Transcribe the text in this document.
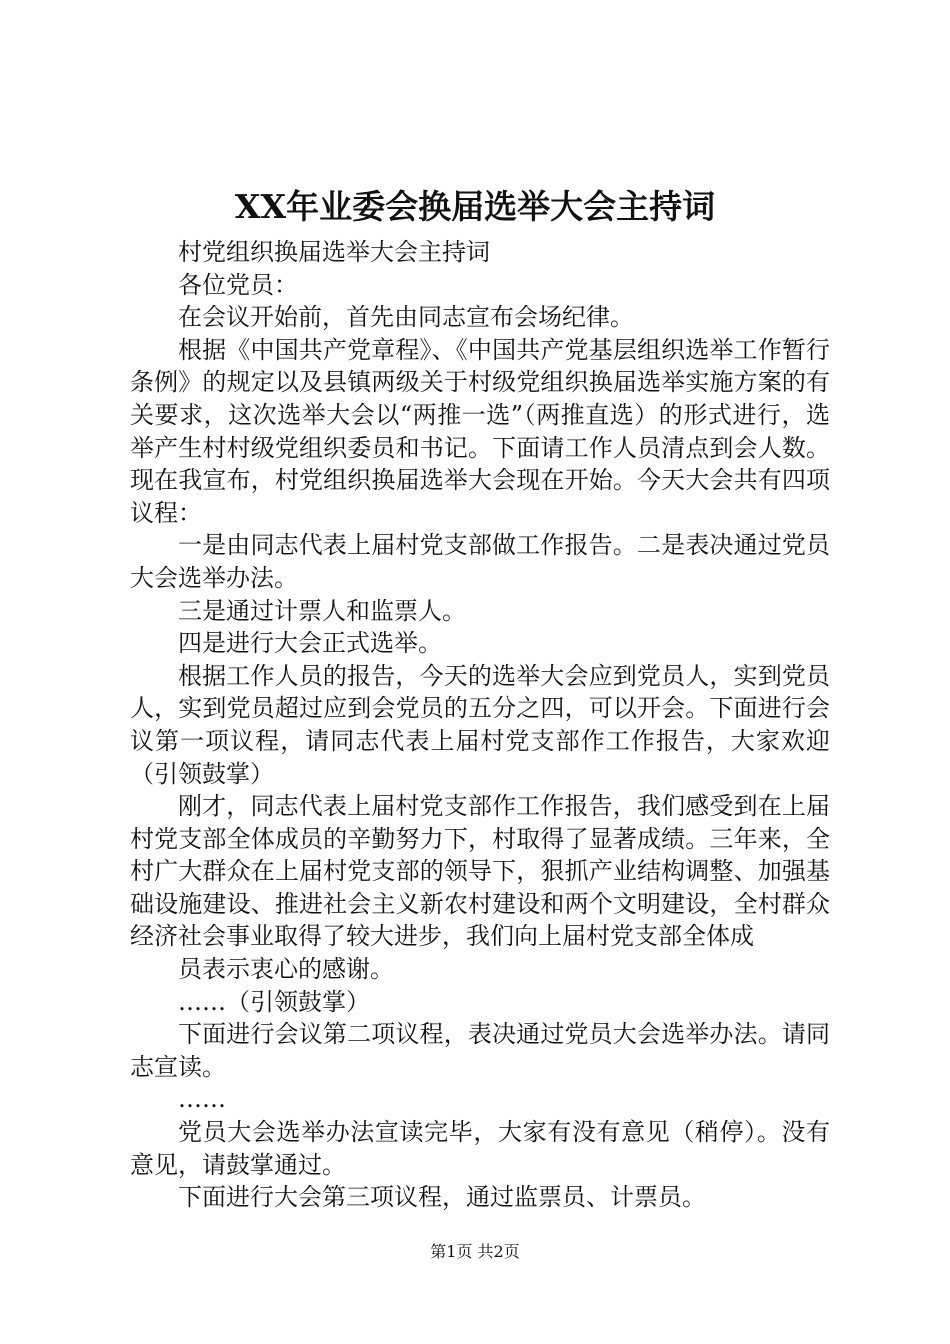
XX年业委会换届选举大会主持词

村党组织换届选举大会主持词

各位党员：

在会议开始前，首先由同志宣布会场纪律。

根据《中国共产党章程》、《中国共产党基层组织选举工作暂行条例》的规定以及县镇两级关于村级党组织换届选举实施方案的有关要求，这次选举大会以“两推一选”（两推直选）的形式进行，选举产生村村级党组织委员和书记。下面请工作人员清点到会人数。现在我宣布，村党组织换届选举大会现在开始。今天大会共有四项议程：

一是由同志代表上届村党支部做工作报告。二是表决通过党员大会选举办法。

三是通过计票人和监票人。

四是进行大会正式选举。

根据工作人员的报告，今天的选举大会应到党员人，实到党员人，实到党员超过应到会党员的五分之四，可以开会。下面进行会议第一项议程，请同志代表上届村党支部作工作报告，大家欢迎（引领鼓掌）

刚才，同志代表上届村党支部作工作报告，我们感受到在上届村党支部全体成员的辛勤努力下，村取得了显著成绩。三年来，全村广大群众在上届村党支部的领导下，狠抓产业结构调整、加强基础设施建设、推进社会主义新农村建设和两个文明建设，全村群众经济社会事业取得了较大进步，我们向上届村党支部全体成

员表示衷心的感谢。

……（引领鼓掌）

下面进行会议第二项议程，表决通过党员大会选举办法。请同志宣读。

……

党员大会选举办法宣读完毕，大家有没有意见（稍停）。没有意见，请鼓掌通过。

下面进行大会第三项议程，通过监票员、计票员。

第1页 共2页
